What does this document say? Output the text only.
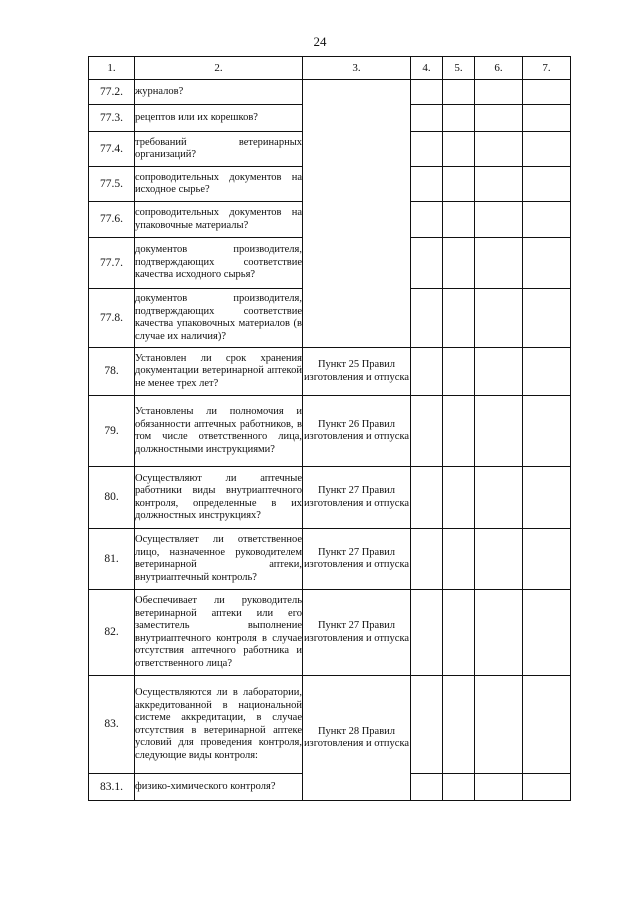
24
1.	2.	3.	4.	5.	6.	7.
77.2.	журналов?					
77.3.	рецептов или их корешков?					
77.4.	требований ветеринарных организаций?					
77.5.	сопроводительных документов на исходное сырье?					
77.6.	сопроводительных документов на упаковочные материалы?					
77.7.	документов производителя, подтверждающих соответствие качества исходного сырья?					
77.8.	документов производителя, подтверждающих соответствие качества упаковочных материалов (в случае их наличия)?					
78.	Установлен ли срок хранения документации ветеринарной аптекой не менее трех лет?	Пункт 25 Правил изготовления и отпуска				
79.	Установлены ли полномочия и обязанности аптечных работников, в том числе ответственного лица, должностными инструкциями?	Пункт 26 Правил изготовления и отпуска				
80.	Осуществляют ли аптечные работники виды внутриаптечного контроля, определенные в их должностных инструкциях?	Пункт 27 Правил изготовления и отпуска				
81.	Осуществляет ли ответственное лицо, назначенное руководителем ветеринарной аптеки, внутриаптечный контроль?	Пункт 27 Правил изготовления и отпуска				
82.	Обеспечивает ли руководитель ветеринарной аптеки или его заместитель выполнение внутриаптечного контроля в случае отсутствия аптечного работника и ответственного лица?	Пункт 27 Правил изготовления и отпуска				
83.	Осуществляются ли в лаборатории, аккредитованной в национальной системе аккредитации, в случае отсутствия в ветеринарной аптеке условий для проведения контроля, следующие виды контроля:	Пункт 28 Правил изготовления и отпуска				
83.1.	физико-химического контроля?					
